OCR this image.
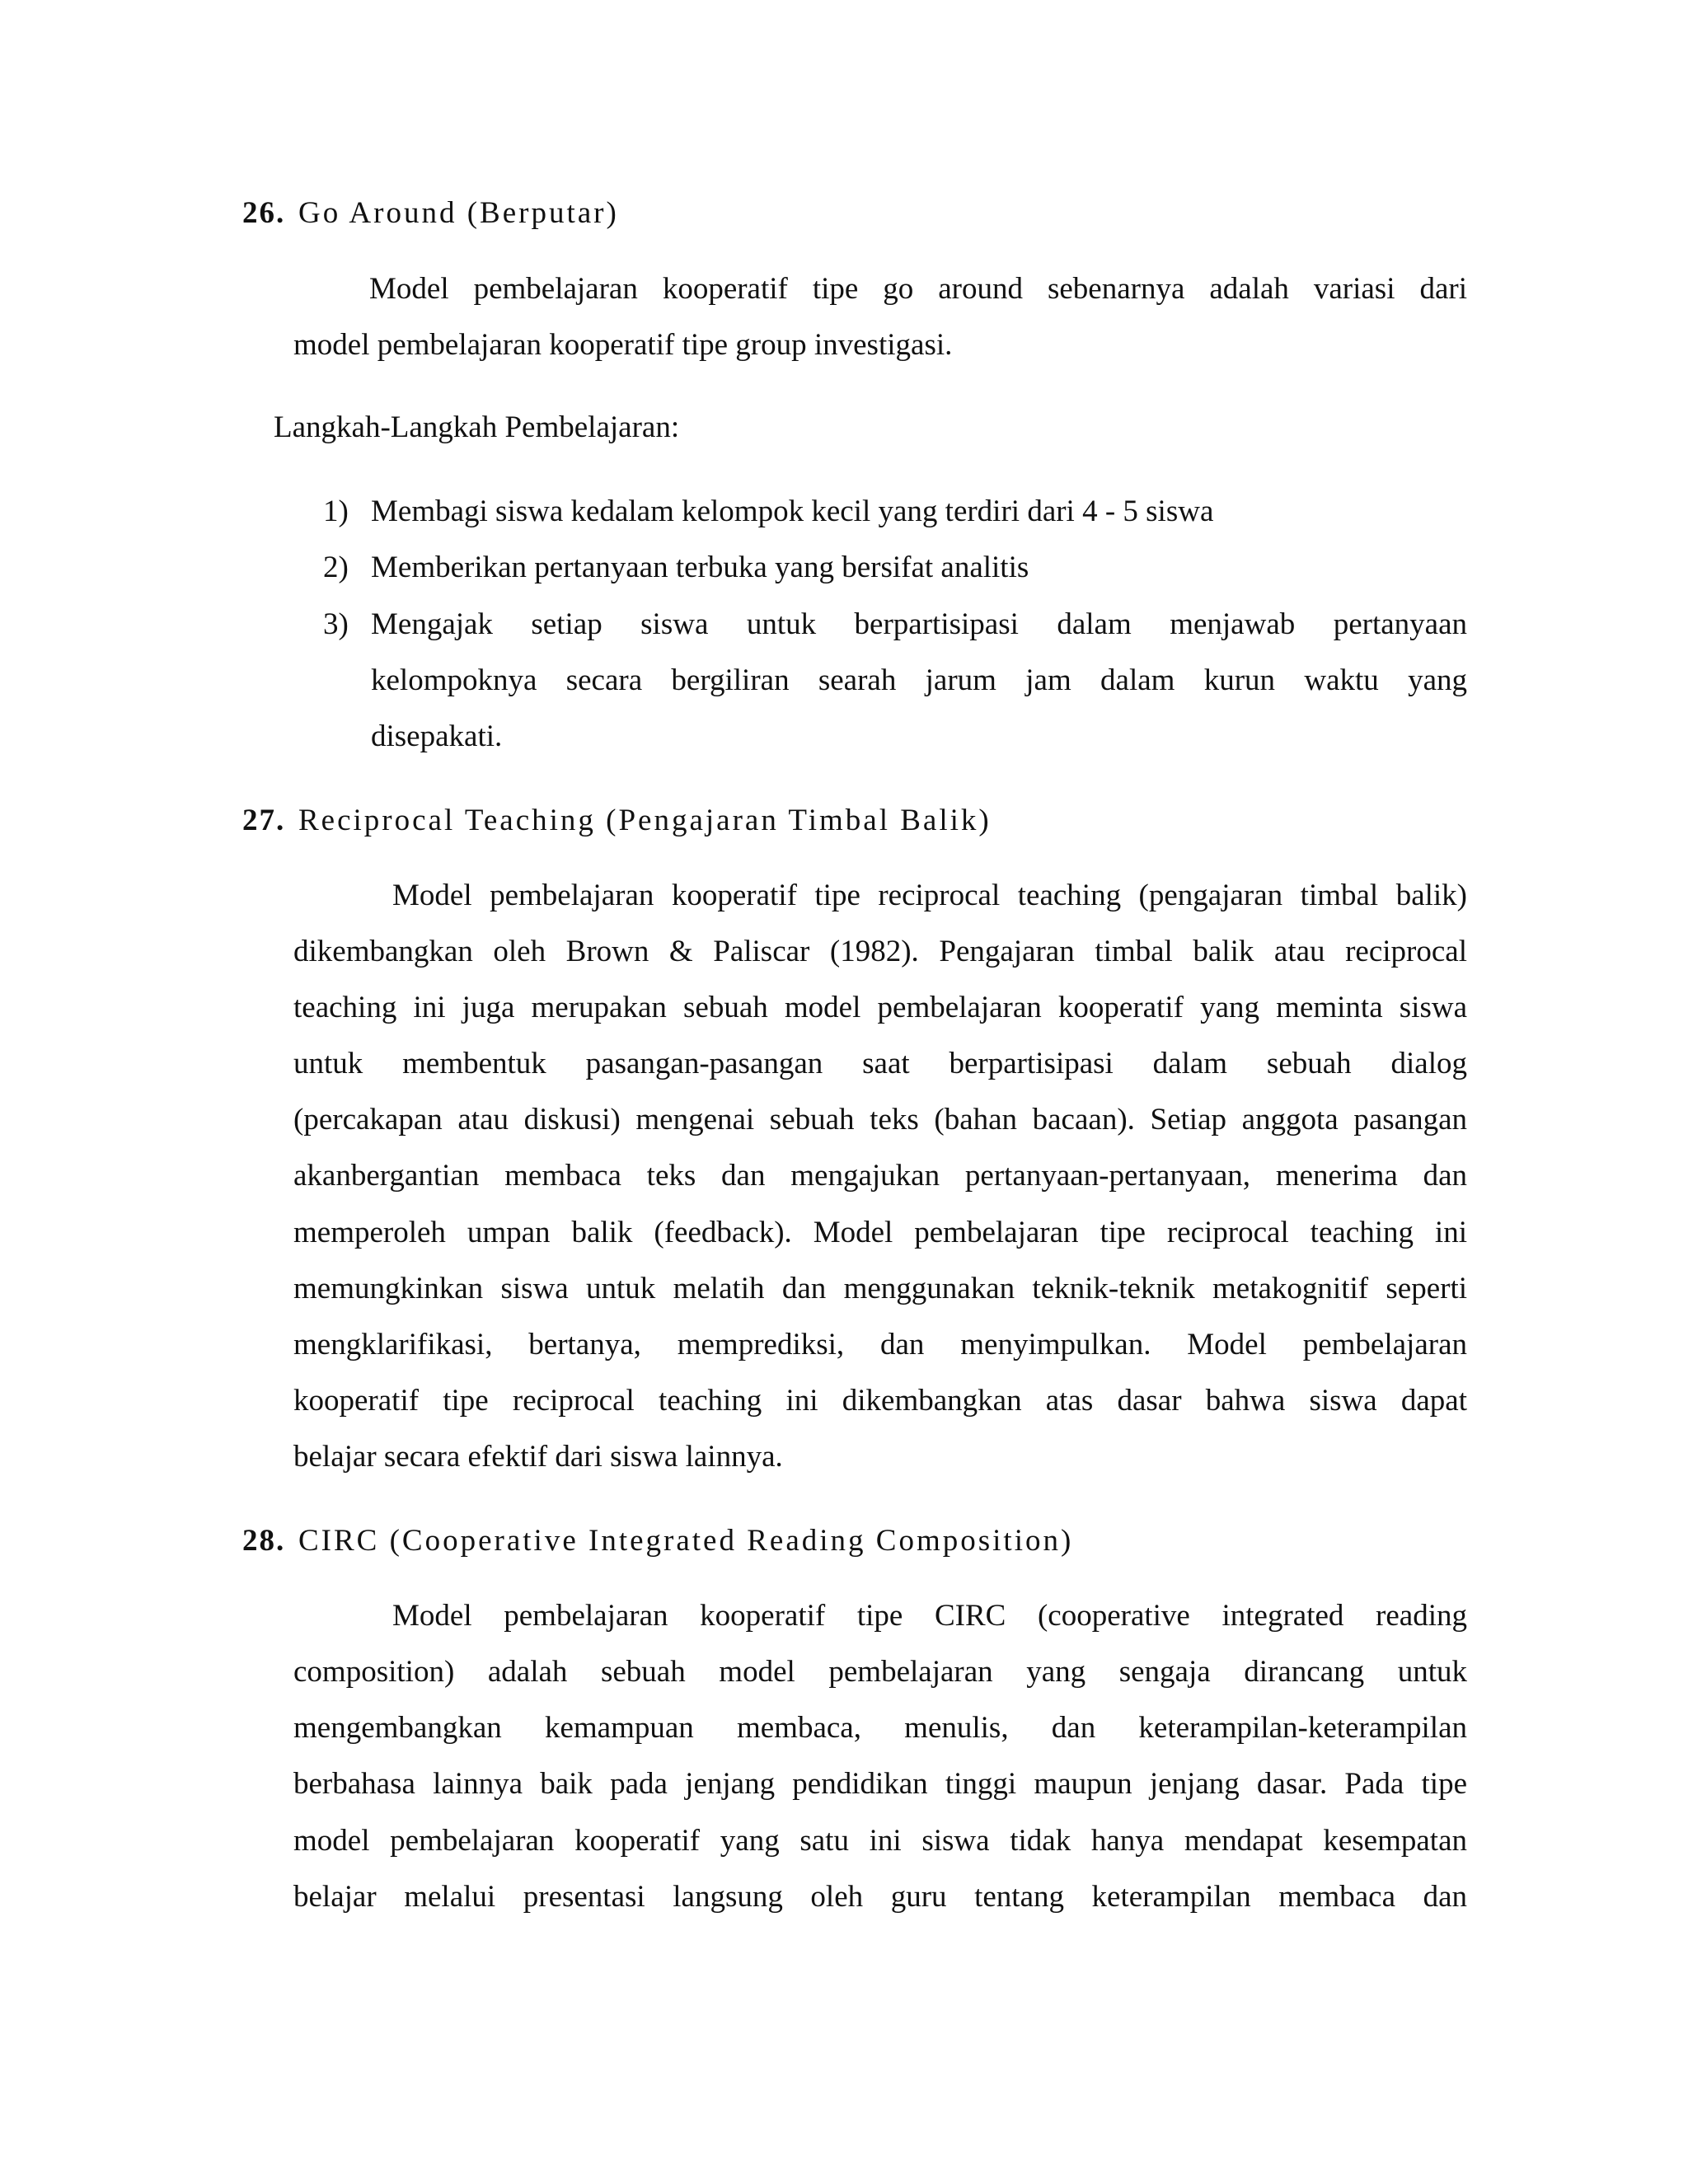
26. Go Around (Berputar)
Model pembelajaran kooperatif tipe go around sebenarnya adalah variasi dari
model pembelajaran kooperatif tipe group investigasi.
Langkah-Langkah Pembelajaran:
1) Membagi siswa kedalam kelompok kecil yang terdiri dari 4 - 5 siswa
2) Memberikan pertanyaan terbuka yang bersifat analitis
3) Mengajak setiap siswa untuk berpartisipasi dalam menjawab pertanyaan
kelompoknya secara bergiliran searah jarum jam dalam kurun waktu yang
disepakati.
27. Reciprocal Teaching (Pengajaran Timbal Balik)
Model pembelajaran kooperatif tipe reciprocal teaching (pengajaran timbal balik)
dikembangkan oleh Brown & Paliscar (1982). Pengajaran timbal balik atau reciprocal
teaching ini juga merupakan sebuah model pembelajaran kooperatif yang meminta siswa
untuk membentuk pasangan-pasangan saat berpartisipasi dalam sebuah dialog
(percakapan atau diskusi) mengenai sebuah teks (bahan bacaan). Setiap anggota pasangan
akanbergantian membaca teks dan mengajukan pertanyaan-pertanyaan, menerima dan
memperoleh umpan balik (feedback). Model pembelajaran tipe reciprocal teaching ini
memungkinkan siswa untuk melatih dan menggunakan teknik-teknik metakognitif seperti
mengklarifikasi, bertanya, memprediksi, dan menyimpulkan. Model pembelajaran
kooperatif tipe reciprocal teaching ini dikembangkan atas dasar bahwa siswa dapat
belajar secara efektif dari siswa lainnya.
28. CIRC (Cooperative Integrated Reading Composition)
Model pembelajaran kooperatif tipe CIRC (cooperative integrated reading
composition) adalah sebuah model pembelajaran yang sengaja dirancang untuk
mengembangkan kemampuan membaca, menulis, dan keterampilan-keterampilan
berbahasa lainnya baik pada jenjang pendidikan tinggi maupun jenjang dasar. Pada tipe
model pembelajaran kooperatif yang satu ini siswa tidak hanya mendapat kesempatan
belajar melalui presentasi langsung oleh guru tentang keterampilan membaca dan
